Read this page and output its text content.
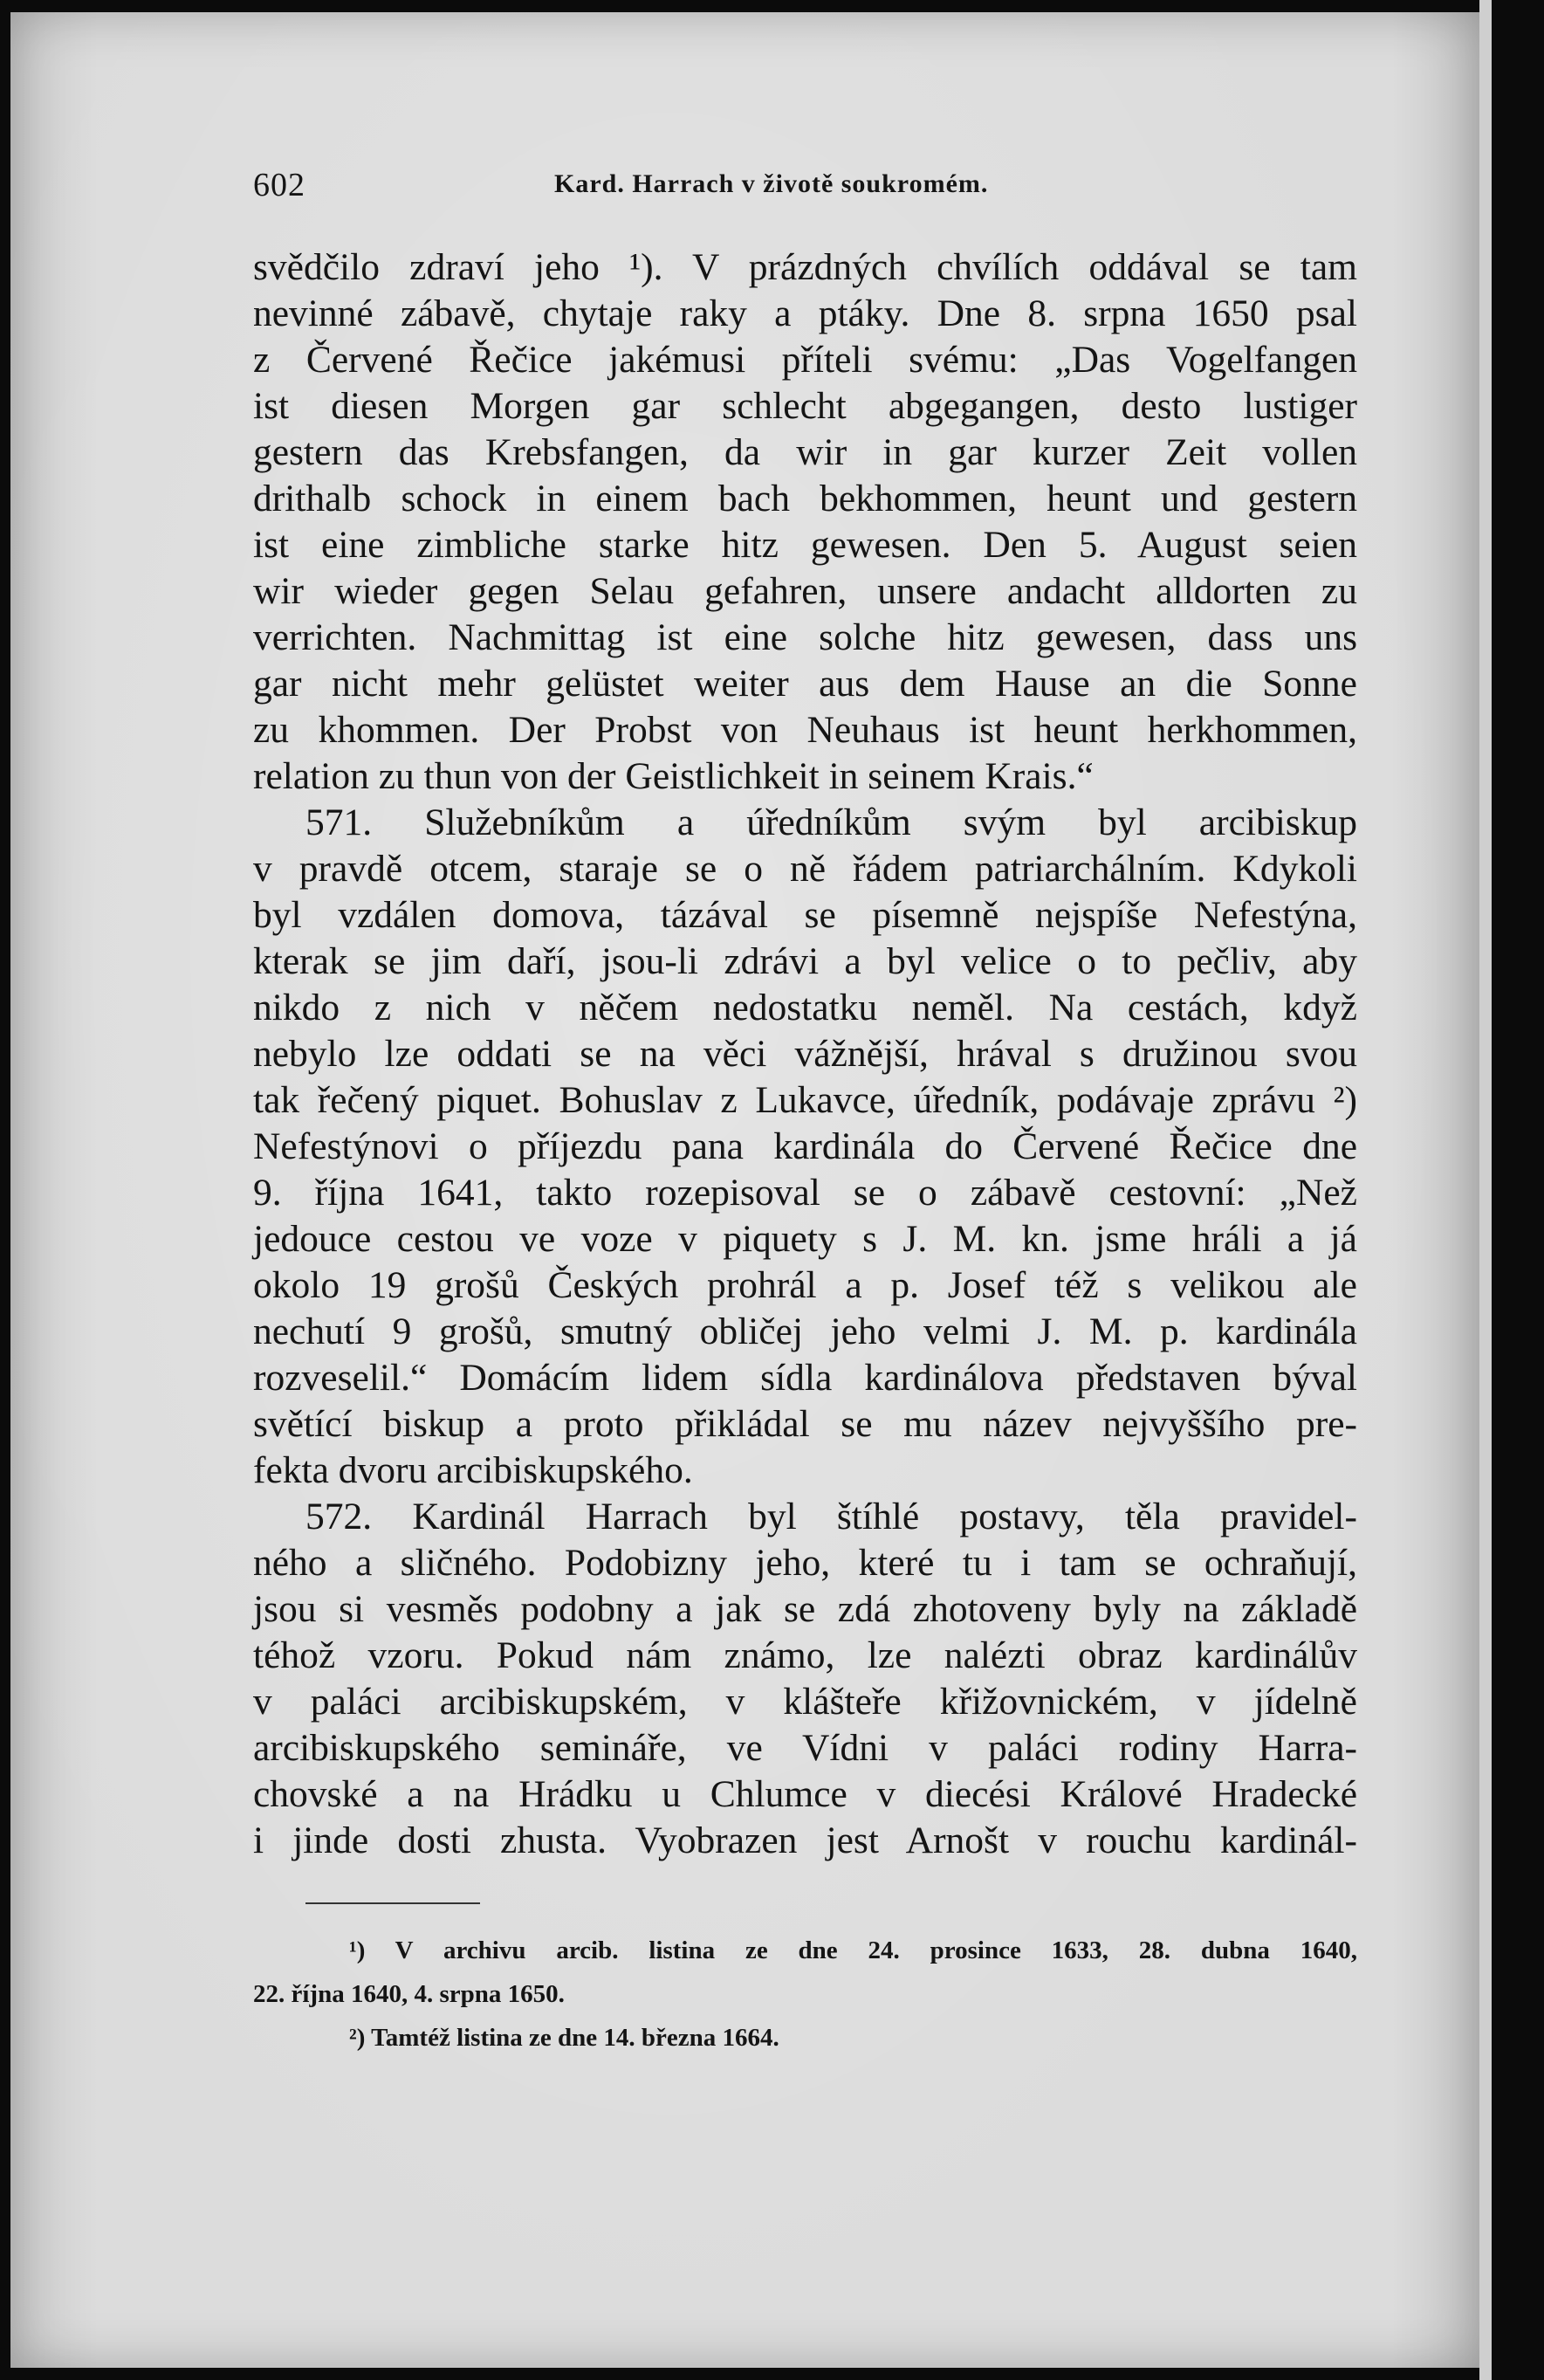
602	Kard. Harrach v životě soukromém.
svědčilo zdraví jeho ¹). V prázdných chvílích oddával se tam
nevinné zábavě, chytaje raky a ptáky. Dne 8. srpna 1650 psal
z Červené Řečice jakémusi příteli svému: „Das Vogelfangen
ist diesen Morgen gar schlecht abgegangen, desto lustiger
gestern das Krebsfangen, da wir in gar kurzer Zeit vollen
drithalb schock in einem bach bekhommen, heunt und gestern
ist eine zimbliche starke hitz gewesen. Den 5. August seien
wir wieder gegen Selau gefahren, unsere andacht alldorten zu
verrichten. Nachmittag ist eine solche hitz gewesen, dass uns
gar nicht mehr gelüstet weiter aus dem Hause an die Sonne
zu khommen. Der Probst von Neuhaus ist heunt herkhommen,
relation zu thun von der Geistlichkeit in seinem Krais.“
571. Služebníkům a úředníkům svým byl arcibiskup
v pravdě otcem, staraje se o ně řádem patriarchálním. Kdykoli
byl vzdálen domova, tázával se písemně nejspíše Nefestýna,
kterak se jim daří, jsou-li zdrávi a byl velice o to pečliv, aby
nikdo z nich v něčem nedostatku neměl. Na cestách, když
nebylo lze oddati se na věci vážnější, hrával s družinou svou
tak řečený piquet. Bohuslav z Lukavce, úředník, podávaje zprávu ²)
Nefestýnovi o příjezdu pana kardinála do Červené Řečice dne
9. října 1641, takto rozepisoval se o zábavě cestovní: „Než
jedouce cestou ve voze v piquety s J. M. kn. jsme hráli a já
okolo 19 grošů Českých prohrál a p. Josef též s velikou ale
nechutí 9 grošů, smutný obličej jeho velmi J. M. p. kardinála
rozveselil.“ Domácím lidem sídla kardinálova představen býval
světící biskup a proto přikládal se mu název nejvyššího pre-
fekta dvoru arcibiskupského.
572. Kardinál Harrach byl štíhlé postavy, těla pravidel-
ného a sličného. Podobizny jeho, které tu i tam se ochraňují,
jsou si vesměs podobny a jak se zdá zhotoveny byly na základě
téhož vzoru. Pokud nám známo, lze nalézti obraz kardinálův
v paláci arcibiskupském, v klášteře křižovnickém, v jídelně
arcibiskupského semináře, ve Vídni v paláci rodiny Harra-
chovské a na Hrádku u Chlumce v diecési Králové Hradecké
i jinde dosti zhusta. Vyobrazen jest Arnošt v rouchu kardinál-
¹) V archivu arcib. listina ze dne 24. prosince 1633, 28. dubna 1640,
22. října 1640, 4. srpna 1650.
²) Tamtéž listina ze dne 14. března 1664.
